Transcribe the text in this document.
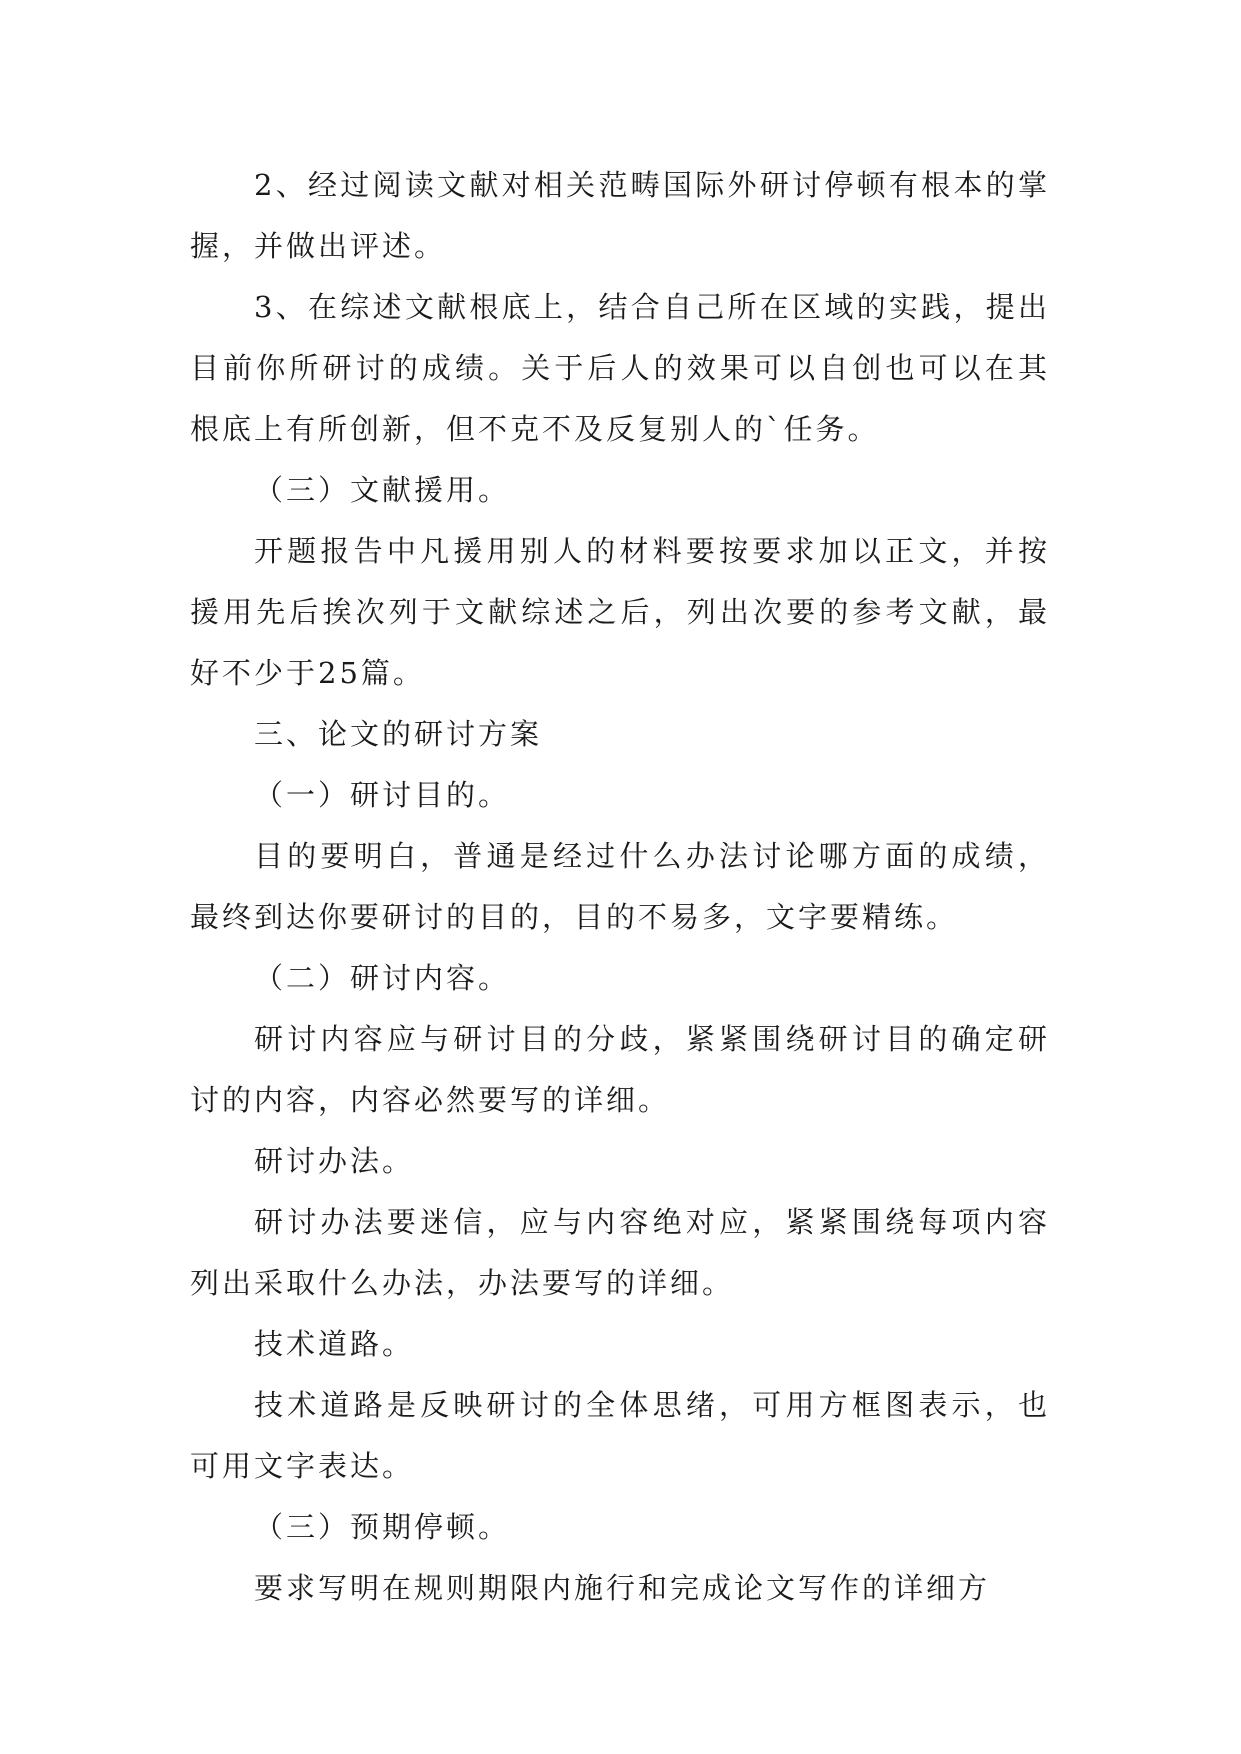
2、经过阅读文献对相关范畴国际外研讨停顿有根本的掌握，并做出评述。

3、在综述文献根底上，结合自己所在区域的实践，提出目前你所研讨的成绩。关于后人的效果可以自创也可以在其根底上有所创新，但不克不及反复别人的`任务。

（三）文献援用。

开题报告中凡援用别人的材料要按要求加以正文，并按援用先后挨次列于文献综述之后，列出次要的参考文献，最好不少于25篇。

三、论文的研讨方案

（一）研讨目的。

目的要明白，普通是经过什么办法讨论哪方面的成绩，最终到达你要研讨的目的，目的不易多，文字要精练。

（二）研讨内容。

研讨内容应与研讨目的分歧，紧紧围绕研讨目的确定研讨的内容，内容必然要写的详细。

研讨办法。

研讨办法要迷信，应与内容绝对应，紧紧围绕每项内容列出采取什么办法，办法要写的详细。

技术道路。

技术道路是反映研讨的全体思绪，可用方框图表示，也可用文字表达。

（三）预期停顿。

要求写明在规则期限内施行和完成论文写作的详细方
